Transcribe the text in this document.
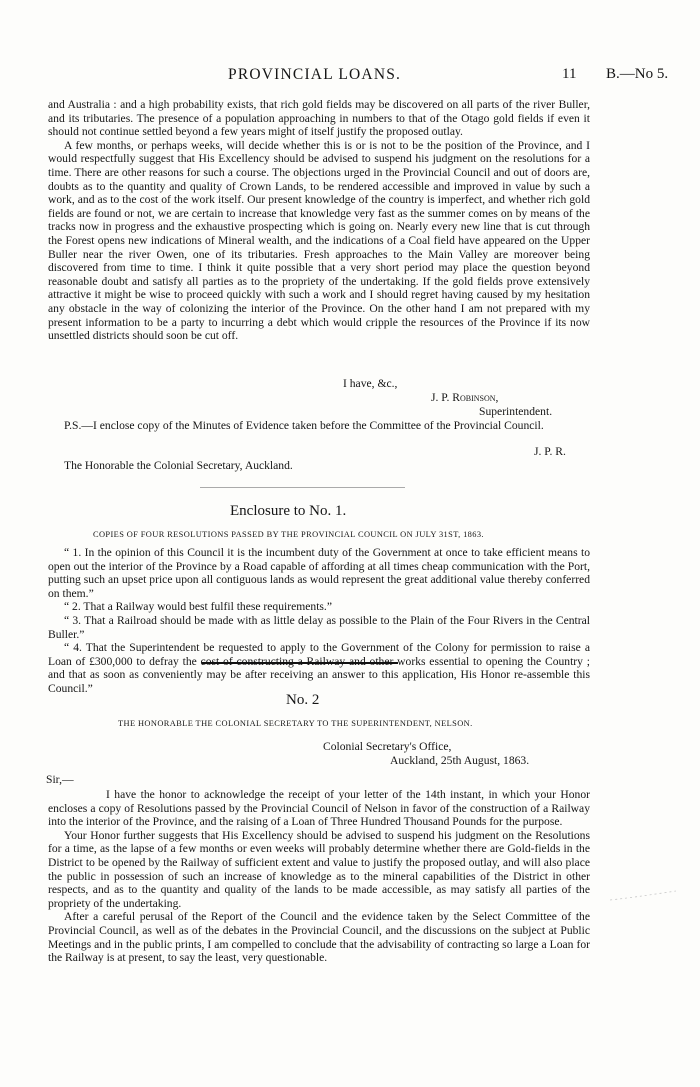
PROVINCIAL LOANS.	11 B.—No 5.

and Australia : and a high probability exists, that rich gold fields may be discovered on all parts of the river Buller, and its tributaries. The presence of a population approaching in numbers to that of the Otago gold fields if even it should not continue settled beyond a few years might of itself justify the proposed outlay.

A few months, or perhaps weeks, will decide whether this is or is not to be the position of the Province, and I would respectfully suggest that His Excellency should be advised to suspend his judgment on the resolutions for a time. There are other reasons for such a course. The objections urged in the Provincial Council and out of doors are, doubts as to the quantity and quality of Crown Lands, to be rendered accessible and improved in value by such a work, and as to the cost of the work itself. Our present knowledge of the country is imperfect, and whether rich gold fields are found or not, we are certain to increase that knowledge very fast as the summer comes on by means of the tracks now in progress and the exhaustive prospecting which is going on. Nearly every new line that is cut through the Forest opens new indications of Mineral wealth, and the indications of a Coal field have appeared on the Upper Buller near the river Owen, one of its tributaries. Fresh approaches to the Main Valley are moreover being discovered from time to time. I think it quite possible that a very short period may place the question beyond reasonable doubt and satisfy all parties as to the propriety of the undertaking. If the gold fields prove extensively attractive it might be wise to proceed quickly with such a work and I should regret having caused by my hesitation any obstacle in the way of colonizing the interior of the Province. On the other hand I am not prepared with my present information to be a party to incurring a debt which would cripple the resources of the Province if its now unsettled districts should soon be cut off.

I have, &c.,
J. P. Robinson,
Superintendent.

P.S.—I enclose copy of the Minutes of Evidence taken before the Committee of the Provincial Council.

J. P. R.
The Honorable the Colonial Secretary, Auckland.
Enclosure to No. 1.
COPIES OF FOUR RESOLUTIONS PASSED BY THE PROVINCIAL COUNCIL ON JULY 31ST, 1863.

“ 1. In the opinion of this Council it is the incumbent duty of the Government at once to take efficient means to open out the interior of the Province by a Road capable of affording at all times cheap communication with the Port, putting such an upset price upon all contiguous lands as would represent the great additional value thereby conferred on them.”

“ 2. That a Railway would best fulfil these requirements.”

“ 3. That a Railroad should be made with as little delay as possible to the Plain of the Four Rivers in the Central Buller.”

“ 4. That the Superintendent be requested to apply to the Government of the Colony for permission to raise a Loan of £300,000 to defray the cost of constructing a Railway and other works essential to opening the Country ; and that as soon as conveniently may be after receiving an answer to this application, His Honor re-assemble this Council.”

No. 2
THE HONORABLE THE COLONIAL SECRETARY TO THE SUPERINTENDENT, NELSON.
Colonial Secretary's Office,
Auckland, 25th August, 1863.
Sir,—

I have the honor to acknowledge the receipt of your letter of the 14th instant, in which your Honor encloses a copy of Resolutions passed by the Provincial Council of Nelson in favor of the construction of a Railway into the interior of the Province, and the raising of a Loan of Three Hundred Thousand Pounds for the purpose.

Your Honor further suggests that His Excellency should be advised to suspend his judgment on the Resolutions for a time, as the lapse of a few months or even weeks will probably determine whether there are Gold-fields in the District to be opened by the Railway of sufficient extent and value to justify the proposed outlay, and will also place the public in possession of such an increase of knowledge as to the mineral capabilities of the District in other respects, and as to the quantity and quality of the lands to be made accessible, as may satisfy all parties of the propriety of the undertaking.

After a careful perusal of the Report of the Council and the evidence taken by the Select Committee of the Provincial Council, as well as of the debates in the Provincial Council, and the discussions on the subject at Public Meetings and in the public prints, I am compelled to conclude that the advisability of contracting so large a Loan for the Railway is at present, to say the least, very questionable.
